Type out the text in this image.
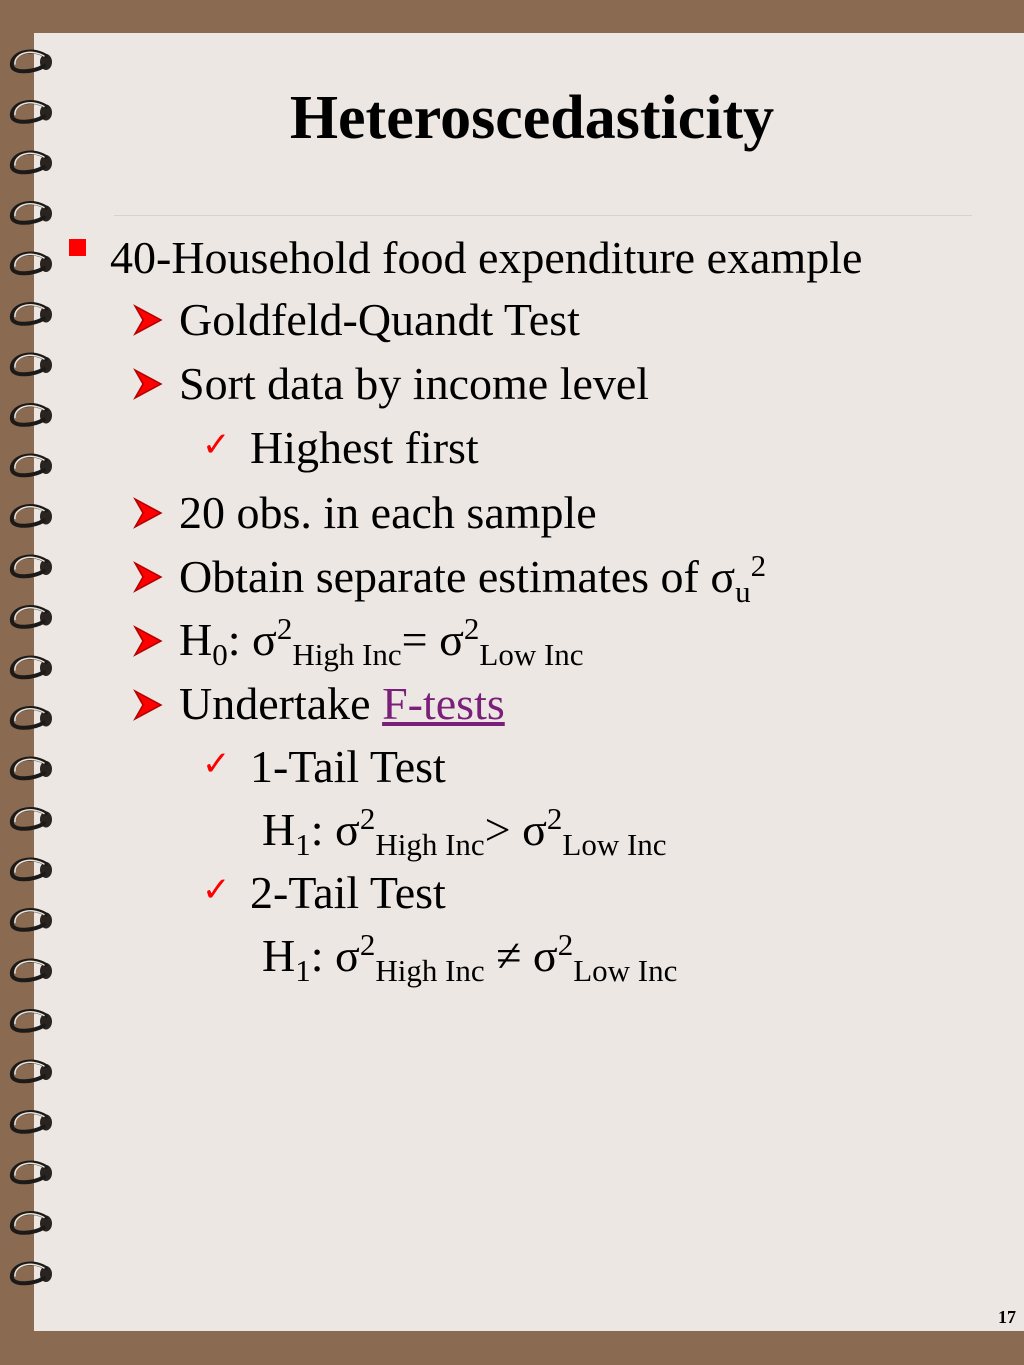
Heteroscedasticity
40-Household food expenditure example
Goldfeld-Quandt Test
Sort data by income level
✓ Highest first
20 obs. in each sample
Obtain separate estimates of $\sigma_u^2$
$H_0$: $\sigma^2_{High Inc}= \sigma^2_{Low Inc}$
Undertake F-tests
✓ 1-Tail Test
$H_1$: $\sigma^2_{High Inc}> \sigma^2_{Low Inc}$
✓ 2-Tail Test
$H_1$: $\sigma^2_{High Inc} \ne \sigma^2_{Low Inc}$
17
